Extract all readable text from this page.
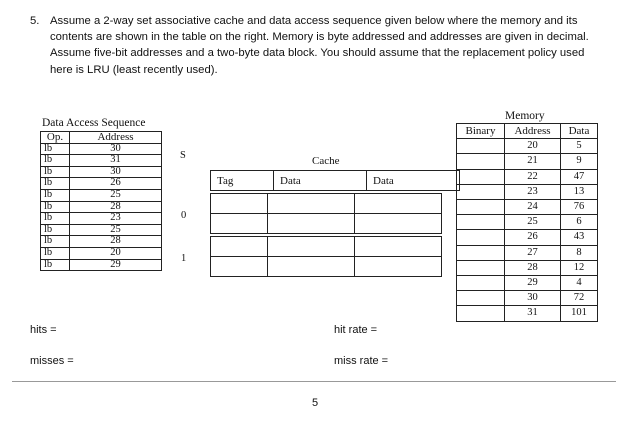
5. Assume a 2-way set associative cache and data access sequence given below where the memory and its contents are shown in the table on the right. Memory is byte addressed and addresses are given in decimal. Assume five-bit addresses and a two-byte data block. You should assume that the replacement policy used here is LRU (least recently used).
Data Access Sequence
Op.	Address
lb	30
lb	31
lb	30
lb	26
lb	25
lb	28
lb	23
lb	25
lb	28
lb	20
lb	29
S
0
1
Cache
Tag	Data	Data

Memory
Binary	Address	Data
	20	5
	21	9
	22	47
	23	13
	24	76
	25	6
	26	43
	27	8
	28	12
	29	4
	30	72
	31	101
hits =
misses =
hit rate =
miss rate =
5
